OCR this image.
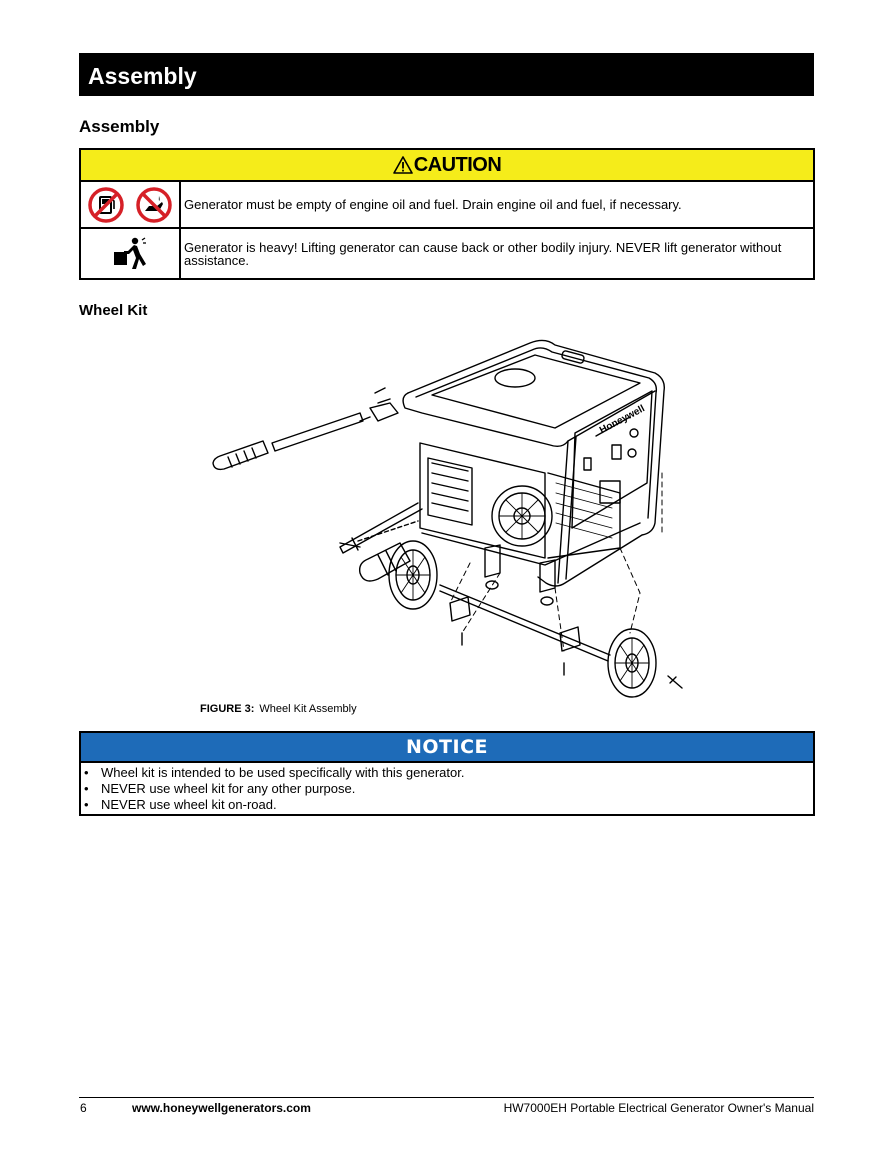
Assembly
Assembly
CAUTION	
	Generator must be empty of engine oil and fuel. Drain engine oil and fuel, if necessary.
	Generator is heavy! Lifting generator can cause back or other bodily injury. NEVER lift generator without assistance.
Wheel Kit
Honeywell
FIGURE 3: Wheel Kit Assembly
NOTICE

• Wheel kit is intended to be used specifically with this generator.
• NEVER use wheel kit for any other purpose.
• NEVER use wheel kit on-road.
6	www.honeywellgenerators.com	HW7000EH Portable Electrical Generator Owner's Manual
